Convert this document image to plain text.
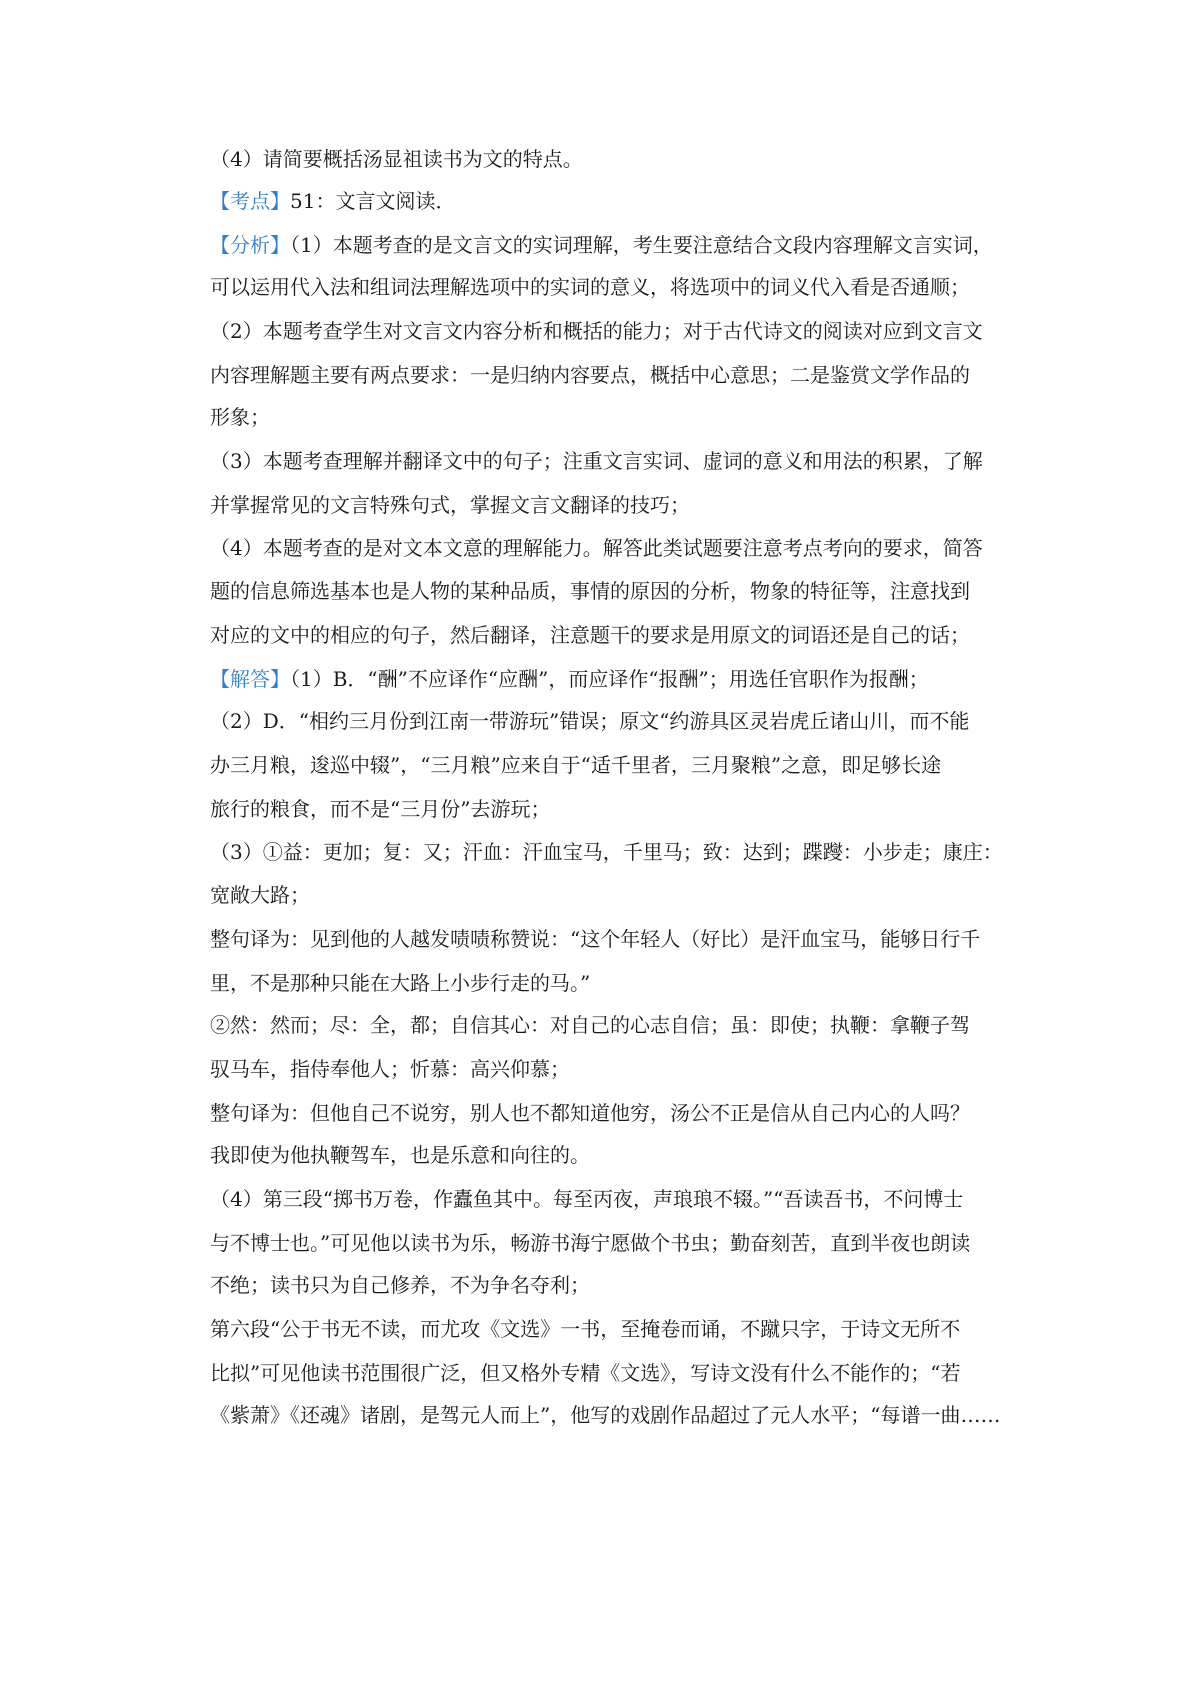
（4）请简要概括汤显祖读书为文的特点。
【考点】51：文言文阅读．
【分析】（1）本题考查的是文言文的实词理解，考生要注意结合文段内容理解文言实词，
可以运用代入法和组词法理解选项中的实词的意义，将选项中的词义代入看是否通顺；
（2）本题考查学生对文言文内容分析和概括的能力；对于古代诗文的阅读对应到文言文
内容理解题主要有两点要求：一是归纳内容要点，概括中心意思；二是鉴赏文学作品的
形象；
（3）本题考查理解并翻译文中的句子；注重文言实词、虚词的意义和用法的积累，了解
并掌握常见的文言特殊句式，掌握文言文翻译的技巧；
（4）本题考查的是对文本文意的理解能力。解答此类试题要注意考点考向的要求，简答
题的信息筛选基本也是人物的某种品质，事情的原因的分析，物象的特征等，注意找到
对应的文中的相应的句子，然后翻译，注意题干的要求是用原文的词语还是自己的话；
【解答】（1）B．“酬”不应译作“应酬”，而应译作“报酬”；用选任官职作为报酬；
（2）D．“相约三月份到江南一带游玩”错误；原文“约游具区灵岩虎丘诸山川，而不能
办三月粮，逡巡中辍”，“三月粮”应来自于“适千里者，三月聚粮”之意，即足够长途
旅行的粮食，而不是“三月份”去游玩；
（3）①益：更加；复：又；汗血：汗血宝马，千里马；致：达到；蹀躞：小步走；康庄：
宽敞大路；
整句译为：见到他的人越发啧啧称赞说：“这个年轻人（好比）是汗血宝马，能够日行千
里，不是那种只能在大路上小步行走的马。”
②然：然而；尽：全，都；自信其心：对自己的心志自信；虽：即使；执鞭：拿鞭子驾
驭马车，指侍奉他人；忻慕：高兴仰慕；
整句译为：但他自己不说穷，别人也不都知道他穷，汤公不正是信从自己内心的人吗？
我即使为他执鞭驾车，也是乐意和向往的。
（4）第三段“掷书万卷，作蠹鱼其中。每至丙夜，声琅琅不辍。”“吾读吾书，不问博士
与不博士也。”可见他以读书为乐，畅游书海宁愿做个书虫；勤奋刻苦，直到半夜也朗读
不绝；读书只为自己修养，不为争名夺利；
第六段“公于书无不读，而尤攻《文选》一书，至掩卷而诵，不蹴只字，于诗文无所不
比拟”可见他读书范围很广泛，但又格外专精《文选》，写诗文没有什么不能作的；“若
《紫萧》《还魂》诸剧，是驾元人而上”，他写的戏剧作品超过了元人水平；“每谱一曲……
